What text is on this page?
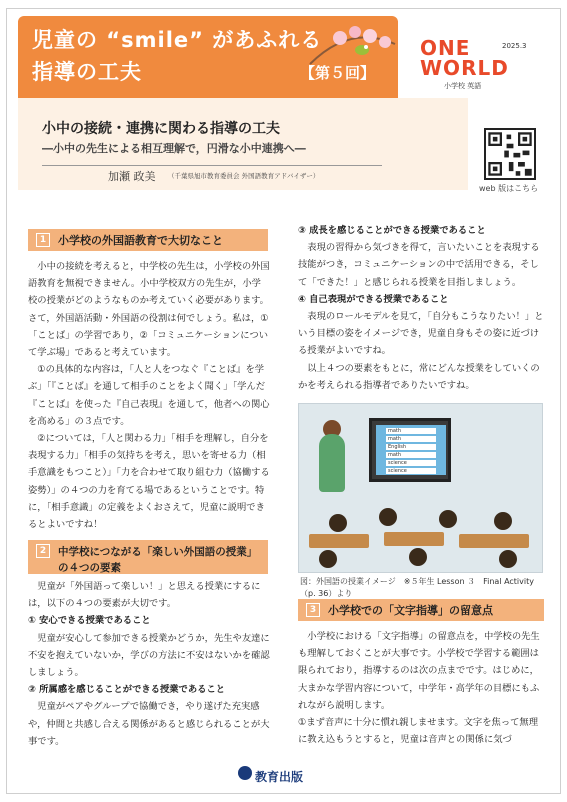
児童の “smile” があふれる
指導の工夫	【第５回】
ONE	2025.3
WORLD
小学校 英語
小中の接続・連携に関わる指導の工夫
―小中の先生による相互理解で，円滑な小中連携へ―
加瀬 政美 （千葉県旭市教育委員会 外国語教育アドバイザー）
web 版はこちら
1	小学校の外国語教育で大切なこと

小中の接続を考えると，中学校の先生は，小学校の外国語教育を無視できません。小中学校双方の先生が，小学校の授業がどのようなものか考えていく必要があります。さて，外国語活動・外国語の役割は何でしょう。私は，①「ことば」の学習であり，②「コミュニケーションについて学ぶ場」であると考えています。

①の具体的な内容は，「人と人をつなぐ『ことば』を学ぶ」「『ことば』を通して相手のことをよく聞く」「学んだ『ことば』を使った『自己表現』を通して，他者への関心を高める」の３点です。

②については，「人と関わる力」「相手を理解し，自分を表現する力」「相手の気持ちを考え，思いを寄せる力（相手意識をもつこと）」「力を合わせて取り組む力（協働する姿勢）」の４つの力を育てる場であるということです。特に，「相手意識」の定義をよくおさえて，児童に説明できるとよいですね！

2	中学校につながる「楽しい外国語の授業」
の４つの要素

児童が「外国語って楽しい！」と思える授業にするには，以下の４つの要素が大切です。

① 安心できる授業であること

児童が安心して参加できる授業かどうか，先生や友達に不安を抱えていないか，学びの方法に不安はないかを確認しましょう。

② 所属感を感じることができる授業であること

児童がペアやグループで協働でき，やり遂げた充実感や，仲間と共感し合える関係があると感じられることが大事です。

③ 成長を感じることができる授業であること

表現の習得から気づきを得て，言いたいことを表現する技能がつき，コミュニケーションの中で活用できる，そして「できた！」と感じられる授業を目指しましょう。

④ 自己表現ができる授業であること

表現のロールモデルを見て，「自分もこうなりたい！」という目標の姿をイメージでき，児童自身もその姿に近づける授業がよいですね。

以上４つの要素をもとに，常にどんな授業をしていくのかを考えられる指導者でありたいですね。

math
math
English
math
science
science
図：外国語の授業イメージ　※５年生 Lesson ３　Final Activity（p. 36）より
3	小学校での「文字指導」の留意点

小学校における「文字指導」の留意点を，中学校の先生も理解しておくことが大事です。小学校で学習する範囲は限られており，指導するのは次の点までです。はじめに，大まかな学習内容について，中学年・高学年の目標にもふれながら説明します。

①まず音声に十分に慣れ親しませます。文字を焦って無理に教え込もうとすると，児童は音声との関係に気づ

教育出版
